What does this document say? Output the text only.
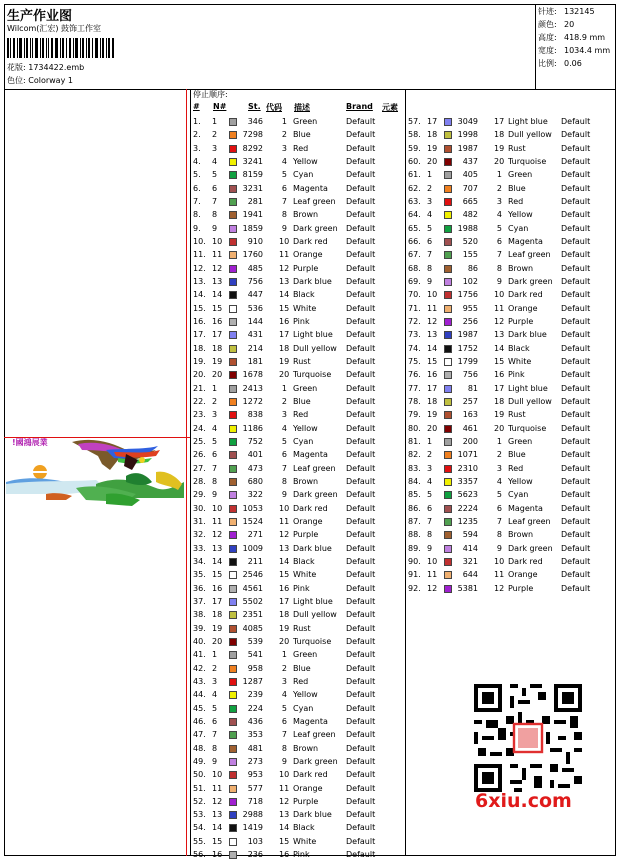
生产作业图
Wilcom(汇宏) 鼓饰工作室
花版: 1734422.emb
色位: Colorway 1
针迹: 132145
颜色: 20
高度: 418.9 mm
宽度: 1034.4 mm
比例: 0.06
!國鴻展業
停止顺序:
# N#	St. 代码 描述	Brand 元素
1. 1	346	1 Green	Default
2. 2	7298	2 Blue	Default
3. 3	8292	3 Red	Default
4. 4	3241	4 Yellow	Default
5. 5	8159	5 Cyan	Default
6. 6	3231	6 Magenta Default
7. 7	281	7 Leaf green Default
8. 8	1941	8 Brown	Default
9. 9	1859	9 Dark green Default
10. 10	910 10 Dark red Default
11. 11	1760 11 Orange	Default
12. 12	485 12 Purple	Default
13. 13	756 13 Dark blue Default
14. 14	447 14 Black	Default
15. 15	536 15 White	Default
16. 16	144 16 Pink	Default
17. 17	431 17 Light blue Default
18. 18	214 18 Dull yellow Default
19. 19	181 19 Rust	Default
20. 20	1678 20 Turquoise Default
21. 1	2413	1 Green	Default
22. 2	1272	2 Blue	Default
23. 3	838	3 Red	Default
24. 4	1186	4 Yellow	Default
25. 5	752	5 Cyan	Default
26. 6	401	6 Magenta Default
27. 7	473	7 Leaf green Default
28. 8	680	8 Brown	Default
29. 9	322	9 Dark green Default
30. 10	1053 10 Dark red Default
31. 11	1524 11 Orange	Default
32. 12	271 12 Purple	Default
33. 13	1009 13 Dark blue Default
34. 14	211 14 Black	Default
35. 15	2546 15 White	Default
36. 16	4561 16 Pink	Default
37. 17	5502 17 Light blue Default
38. 18	2351 18 Dull yellow Default
39. 19	4085 19 Rust	Default
40. 20	539 20 Turquoise Default
41. 1	541	1 Green	Default
42. 2	958	2 Blue	Default
43. 3	1287	3 Red	Default
44. 4	239	4 Yellow	Default
45. 5	224	5 Cyan	Default
46. 6	436	6 Magenta Default
47. 7	353	7 Leaf green Default
48. 8	481	8 Brown	Default
49. 9	273	9 Dark green Default
50. 10	953 10 Dark red Default
51. 11	577 11 Orange	Default
52. 12	718 12 Purple	Default
53. 13	2988 13 Dark blue Default
54. 14	1419 14 Black	Default
55. 15	103 15 White	Default
56. 16	236 16 Pink	Default
57. 17	3049 17 Light blue Default
58. 18	1998 18 Dull yellow Default
59. 19	1987 19 Rust	Default
60. 20	437 20 Turquoise Default
61. 1	405	1 Green	Default
62. 2	707	2 Blue	Default
63. 3	665	3 Red	Default
64. 4	482	4 Yellow	Default
65. 5	1988	5 Cyan	Default
66. 6	520	6 Magenta Default
67. 7	155	7 Leaf green Default
68. 8	86	8 Brown	Default
69. 9	102	9 Dark green Default
70. 10	1756 10 Dark red Default
71. 11	955 11 Orange	Default
72. 12	256 12 Purple	Default
73. 13	1987 13 Dark blue Default
74. 14	1752 14 Black	Default
75. 15	1799 15 White	Default
76. 16	756 16 Pink	Default
77. 17	81 17 Light blue Default
78. 18	257 18 Dull yellow Default
79. 19	163 19 Rust	Default
80. 20	461 20 Turquoise Default
81. 1	200	1 Green	Default
82. 2	1071	2 Blue	Default
83. 3	2310	3 Red	Default
84. 4	3357	4 Yellow	Default
85. 5	5623	5 Cyan	Default
86. 6	2224	6 Magenta Default
87. 7	1235	7 Leaf green Default
88. 8	594	8 Brown	Default
89. 9	414	9 Dark green Default
90. 10	321 10 Dark red Default
91. 11	644 11 Orange	Default
92. 12	5381 12 Purple	Default
6xiu.com
